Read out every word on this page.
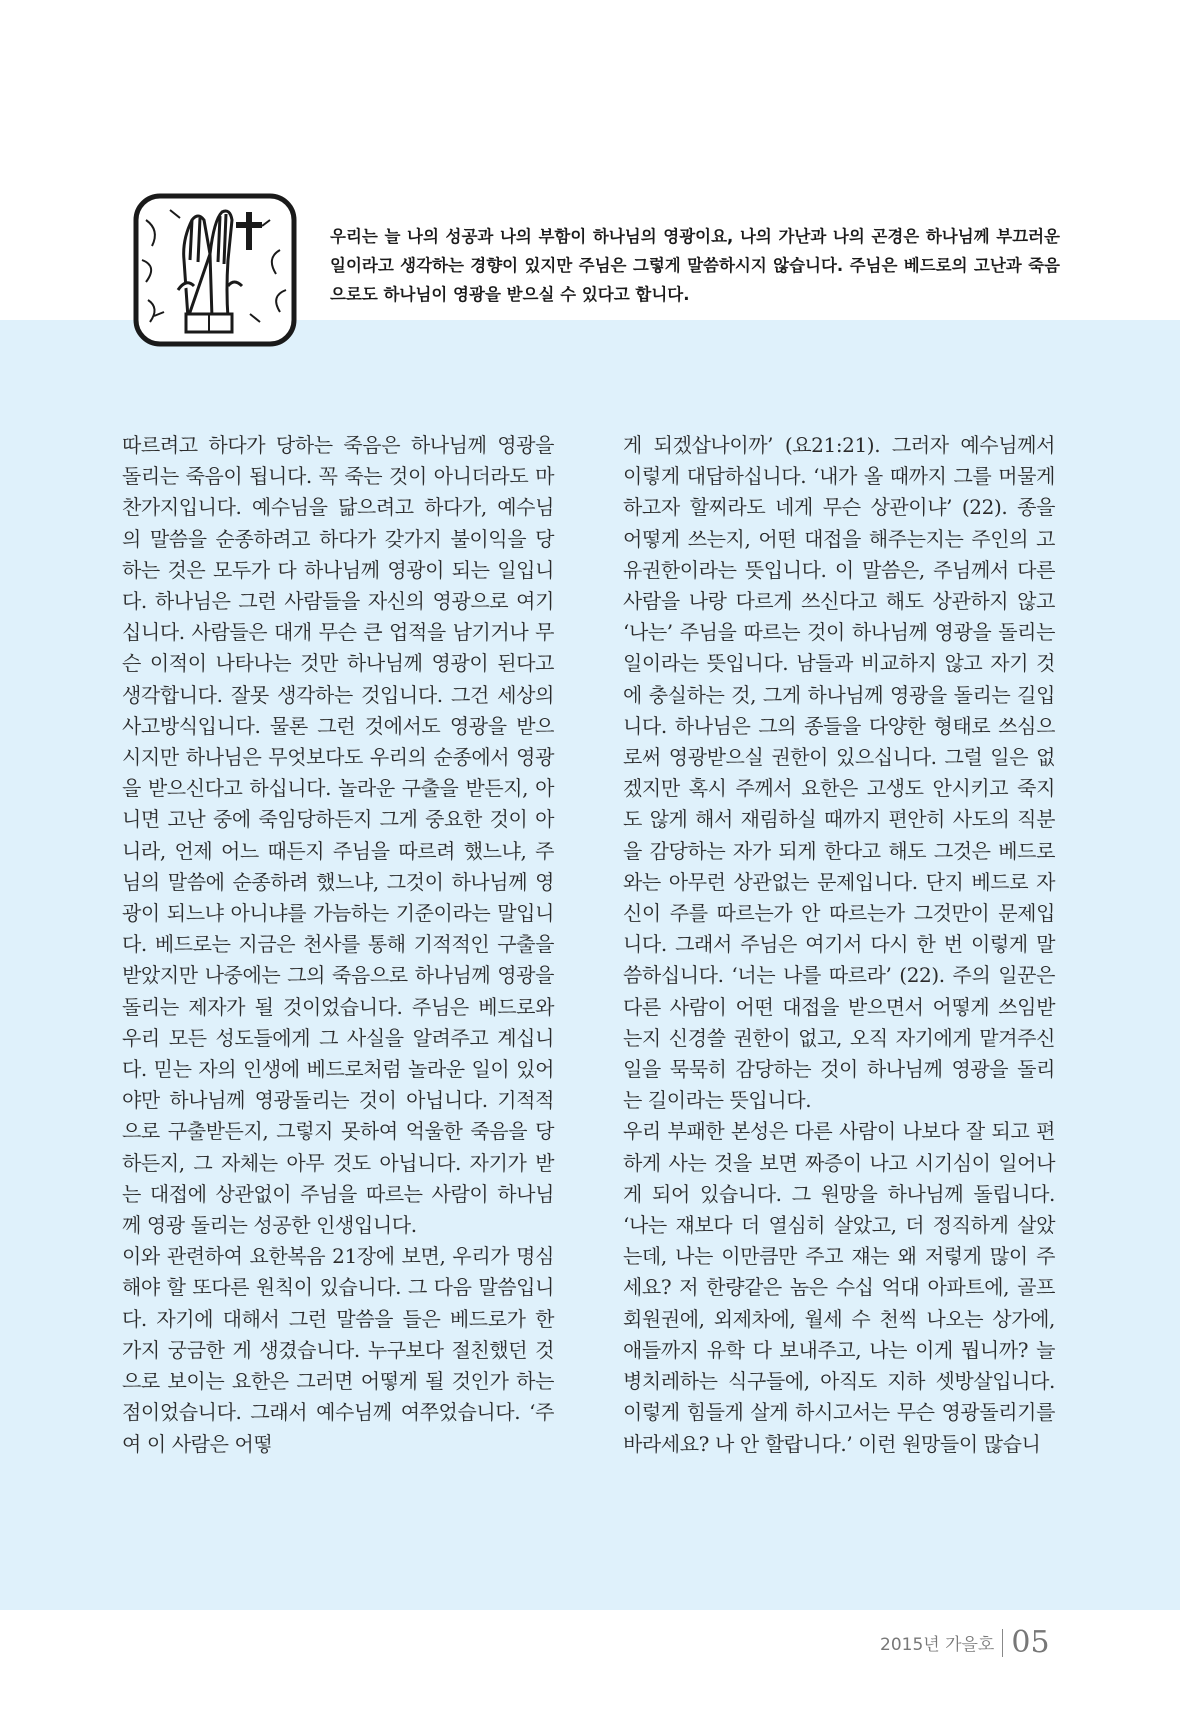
우리는 늘 나의 성공과 나의 부함이 하나님의 영광이요, 나의 가난과 나의 곤경은 하나님께 부끄러운 일이라고 생각하는 경향이 있지만 주님은 그렇게 말씀하시지 않습니다. 주님은 베드로의 고난과 죽음으로도 하나님이 영광을 받으실 수 있다고 합니다.

따르려고 하다가 당하는 죽음은 하나님께 영광을 돌리는 죽음이 됩니다. 꼭 죽는 것이 아니더라도 마찬가지입니다. 예수님을 닮으려고 하다가, 예수님의 말씀을 순종하려고 하다가 갖가지 불이익을 당하는 것은 모두가 다 하나님께 영광이 되는 일입니다. 하나님은 그런 사람들을 자신의 영광으로 여기십니다. 사람들은 대개 무슨 큰 업적을 남기거나 무슨 이적이 나타나는 것만 하나님께 영광이 된다고 생각합니다. 잘못 생각하는 것입니다. 그건 세상의 사고방식입니다. 물론 그런 것에서도 영광을 받으시지만 하나님은 무엇보다도 우리의 순종에서 영광을 받으신다고 하십니다. 놀라운 구출을 받든지, 아니면 고난 중에 죽임당하든지 그게 중요한 것이 아니라, 언제 어느 때든지 주님을 따르려 했느냐, 주님의 말씀에 순종하려 했느냐, 그것이 하나님께 영광이 되느냐 아니냐를 가늠하는 기준이라는 말입니다. 베드로는 지금은 천사를 통해 기적적인 구출을 받았지만 나중에는 그의 죽음으로 하나님께 영광을 돌리는 제자가 될 것이었습니다. 주님은 베드로와 우리 모든 성도들에게 그 사실을 알려주고 계십니다. 믿는 자의 인생에 베드로처럼 놀라운 일이 있어야만 하나님께 영광돌리는 것이 아닙니다. 기적적으로 구출받든지, 그렇지 못하여 억울한 죽음을 당하든지, 그 자체는 아무 것도 아닙니다. 자기가 받는 대접에 상관없이 주님을 따르는 사람이 하나님께 영광 돌리는 성공한 인생입니다.

이와 관련하여 요한복음 21장에 보면, 우리가 명심해야 할 또다른 원칙이 있습니다. 그 다음 말씀입니다. 자기에 대해서 그런 말씀을 들은 베드로가 한 가지 궁금한 게 생겼습니다. 누구보다 절친했던 것으로 보이는 요한은 그러면 어떻게 될 것인가 하는 점이었습니다. 그래서 예수님께 여쭈었습니다. ‘주여 이 사람은 어떻

게 되겠삽나이까’ (요21:21). 그러자 예수님께서 이렇게 대답하십니다. ‘내가 올 때까지 그를 머물게 하고자 할찌라도 네게 무슨 상관이냐’ (22). 종을 어떻게 쓰는지, 어떤 대접을 해주는지는 주인의 고유권한이라는 뜻입니다. 이 말씀은, 주님께서 다른 사람을 나랑 다르게 쓰신다고 해도 상관하지 않고 ‘나는’ 주님을 따르는 것이 하나님께 영광을 돌리는 일이라는 뜻입니다. 남들과 비교하지 않고 자기 것에 충실하는 것, 그게 하나님께 영광을 돌리는 길입니다. 하나님은 그의 종들을 다양한 형태로 쓰심으로써 영광받으실 권한이 있으십니다. 그럴 일은 없겠지만 혹시 주께서 요한은 고생도 안시키고 죽지도 않게 해서 재림하실 때까지 편안히 사도의 직분을 감당하는 자가 되게 한다고 해도 그것은 베드로와는 아무런 상관없는 문제입니다. 단지 베드로 자신이 주를 따르는가 안 따르는가 그것만이 문제입니다. 그래서 주님은 여기서 다시 한 번 이렇게 말씀하십니다. ‘너는 나를 따르라’ (22). 주의 일꾼은 다른 사람이 어떤 대접을 받으면서 어떻게 쓰임받는지 신경쓸 권한이 없고, 오직 자기에게 맡겨주신 일을 묵묵히 감당하는 것이 하나님께 영광을 돌리는 길이라는 뜻입니다.

우리 부패한 본성은 다른 사람이 나보다 잘 되고 편하게 사는 것을 보면 짜증이 나고 시기심이 일어나게 되어 있습니다. 그 원망을 하나님께 돌립니다. ‘나는 쟤보다 더 열심히 살았고, 더 정직하게 살았는데, 나는 이만큼만 주고 쟤는 왜 저렇게 많이 주세요? 저 한량같은 놈은 수십 억대 아파트에, 골프회원권에, 외제차에, 월세 수 천씩 나오는 상가에, 애들까지 유학 다 보내주고, 나는 이게 뭡니까? 늘 병치레하는 식구들에, 아직도 지하 셋방살입니다. 이렇게 힘들게 살게 하시고서는 무슨 영광돌리기를 바라세요? 나 안 할랍니다.’ 이런 원망들이 많습니

2015년 가을호 05
